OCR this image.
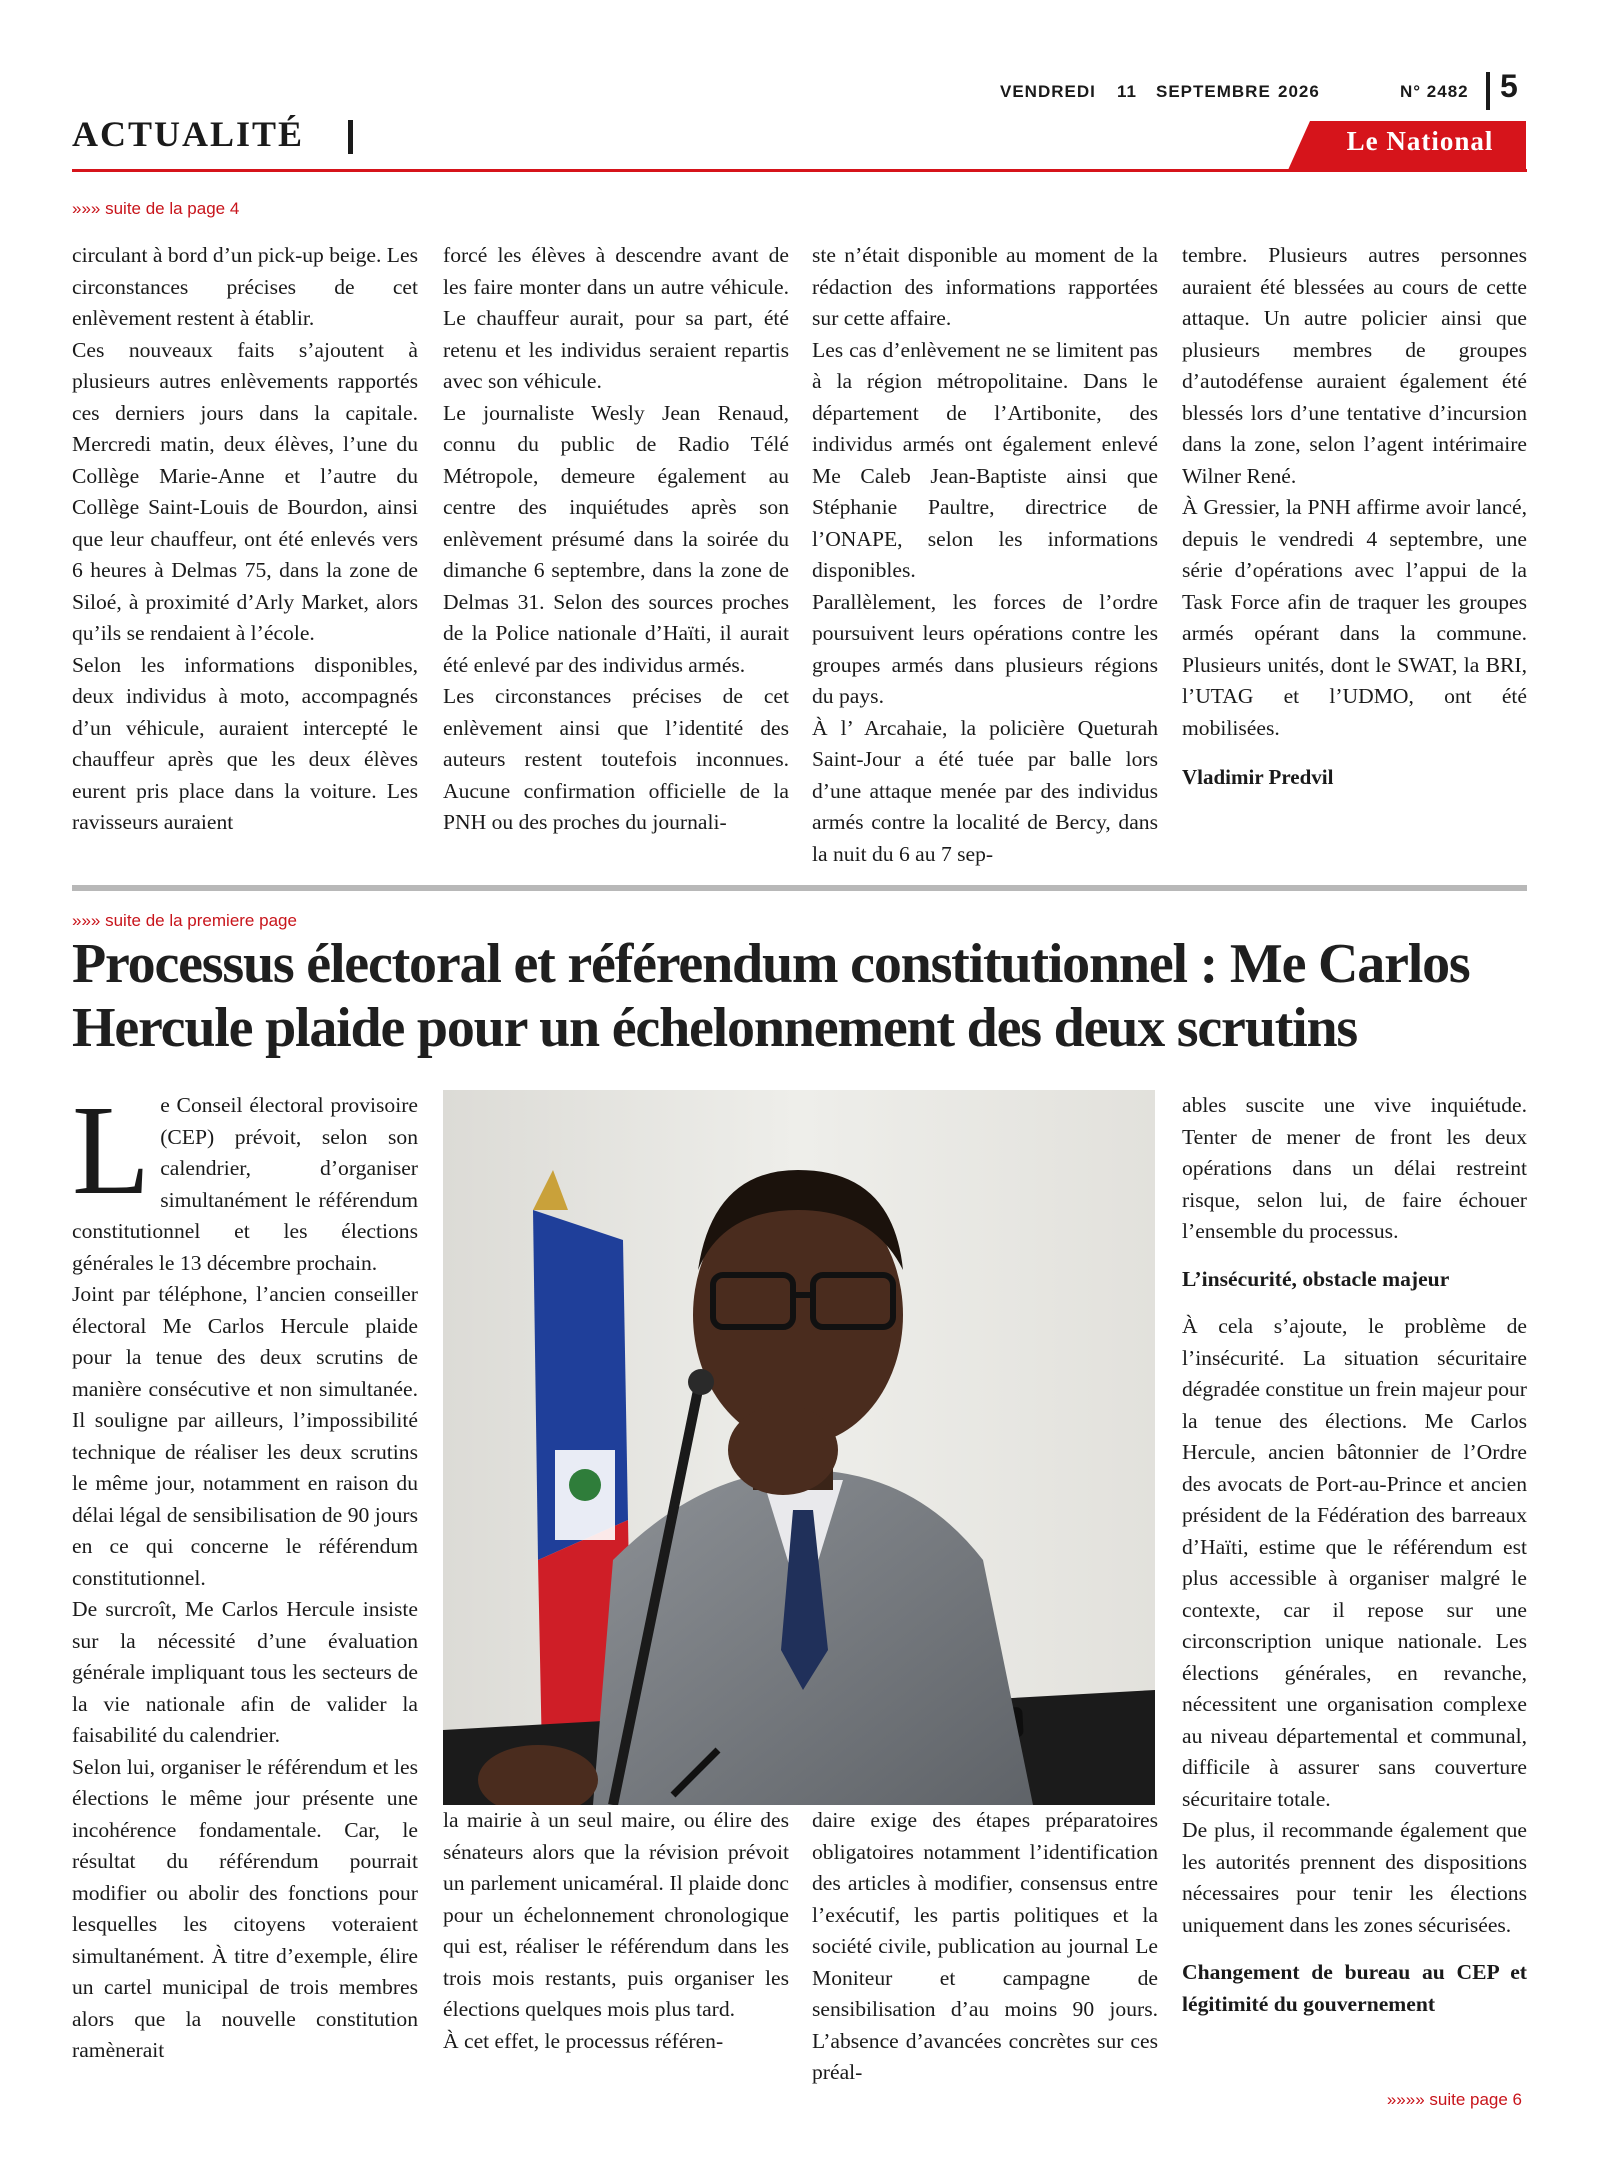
ACTUALITÉ
VENDREDI 11 SEPTEMBRE 2026	N° 2482 5
Le National
»»» suite de la page 4

circulant à bord d’un pick-up beige. Les circonstances précises de cet enlèvement restent à établir.

Ces nouveaux faits s’ajoutent à plusieurs autres enlèvements rapportés ces derniers jours dans la capitale. Mercredi matin, deux élèves, l’une du Collège Marie-Anne et l’autre du Collège Saint-Louis de Bourdon, ainsi que leur chauffeur, ont été enlevés vers 6 heures à Delmas 75, dans la zone de Siloé, à proximité d’Arly Market, alors qu’ils se rendaient à l’école.

Selon les informations disponibles, deux individus à moto, accompagnés d’un véhicule, auraient intercepté le chauffeur après que les deux élèves eurent pris place dans la voiture. Les ravisseurs auraient

forcé les élèves à descendre avant de les faire monter dans un autre véhicule. Le chauffeur aurait, pour sa part, été retenu et les individus seraient repartis avec son véhicule.

Le journaliste Wesly Jean Renaud, connu du public de Radio Télé Métropole, demeure également au centre des inquiétudes après son enlèvement présumé dans la soirée du dimanche 6 septembre, dans la zone de Delmas 31. Selon des sources proches de la Police nationale d’Haïti, il aurait été enlevé par des individus armés.

Les circonstances précises de cet enlèvement ainsi que l’identité des auteurs restent toutefois inconnues. Aucune confirmation officielle de la PNH ou des proches du journali-

ste n’était disponible au moment de la rédaction des informations rapportées sur cette affaire.

Les cas d’enlèvement ne se limitent pas à la région métropolitaine. Dans le département de l’Artibonite, des individus armés ont également enlevé Me Caleb Jean-Baptiste ainsi que Stéphanie Paultre, directrice de l’ONAPE, selon les informations disponibles.

Parallèlement, les forces de l’ordre poursuivent leurs opérations contre les groupes armés dans plusieurs régions du pays.

À l’ Arcahaie, la policière Queturah Saint-Jour a été tuée par balle lors d’une attaque menée par des individus armés contre la localité de Bercy, dans la nuit du 6 au 7 sep-

tembre. Plusieurs autres personnes auraient été blessées au cours de cette attaque. Un autre policier ainsi que plusieurs membres de groupes d’autodéfense auraient également été blessés lors d’une tentative d’incursion dans la zone, selon l’agent intérimaire Wilner René.

À Gressier, la PNH affirme avoir lancé, depuis le vendredi 4 septembre, une série d’opérations avec l’appui de la Task Force afin de traquer les groupes armés opérant dans la commune. Plusieurs unités, dont le SWAT, la BRI, l’UTAG et l’UDMO, ont été mobilisées.

Vladimir Predvil

»»» suite de la premiere page
Processus électoral et référendum constitutionnel : Me Carlos Hercule plaide pour un échelonnement des deux scrutins

Le Conseil électoral provisoire (CEP) prévoit, selon son calendrier, d’organiser simultanément le référendum constitutionnel et les élections générales le 13 décembre prochain.

Joint par téléphone, l’ancien conseiller électoral Me Carlos Hercule plaide pour la tenue des deux scrutins de manière consécutive et non simultanée. Il souligne par ailleurs, l’impossibilité technique de réaliser les deux scrutins le même jour, notamment en raison du délai légal de sensibilisation de 90 jours en ce qui concerne le référendum constitutionnel.

De surcroît, Me Carlos Hercule insiste sur la nécessité d’une évaluation générale impliquant tous les secteurs de la vie nationale afin de valider la faisabilité du calendrier.

Selon lui, organiser le référendum et les élections le même jour présente une incohérence fondamentale. Car, le résultat du référendum pourrait modifier ou abolir des fonctions pour lesquelles les citoyens voteraient simultanément. À titre d’exemple, élire un cartel municipal de trois membres alors que la nouvelle constitution ramènerait

la mairie à un seul maire, ou élire des sénateurs alors que la révision prévoit un parlement unicaméral. Il plaide donc pour un échelonnement chronologique qui est, réaliser le référendum dans les trois mois restants, puis organiser les élections quelques mois plus tard.

À cet effet, le processus référen-

daire exige des étapes préparatoires obligatoires notamment l’identification des articles à modifier, consensus entre l’exécutif, les partis politiques et la société civile, publication au journal Le Moniteur et campagne de sensibilisation d’au moins 90 jours. L’absence d’avancées concrètes sur ces préal-

ables suscite une vive inquiétude. Tenter de mener de front les deux opérations dans un délai restreint risque, selon lui, de faire échouer l’ensemble du processus.

L’insécurité, obstacle majeur

À cela s’ajoute, le problème de l’insécurité. La situation sécuritaire dégradée constitue un frein majeur pour la tenue des élections. Me Carlos Hercule, ancien bâtonnier de l’Ordre des avocats de Port-au-Prince et ancien président de la Fédération des barreaux d’Haïti, estime que le référendum est plus accessible à organiser malgré le contexte, car il repose sur une circonscription unique nationale. Les élections générales, en revanche, nécessitent une organisation complexe au niveau départemental et communal, difficile à assurer sans couverture sécuritaire totale.

De plus, il recommande également que les autorités prennent des dispositions nécessaires pour tenir les élections uniquement dans les zones sécurisées.

Changement de bureau au CEP et légitimité du gouvernement

»»»» suite page 6
